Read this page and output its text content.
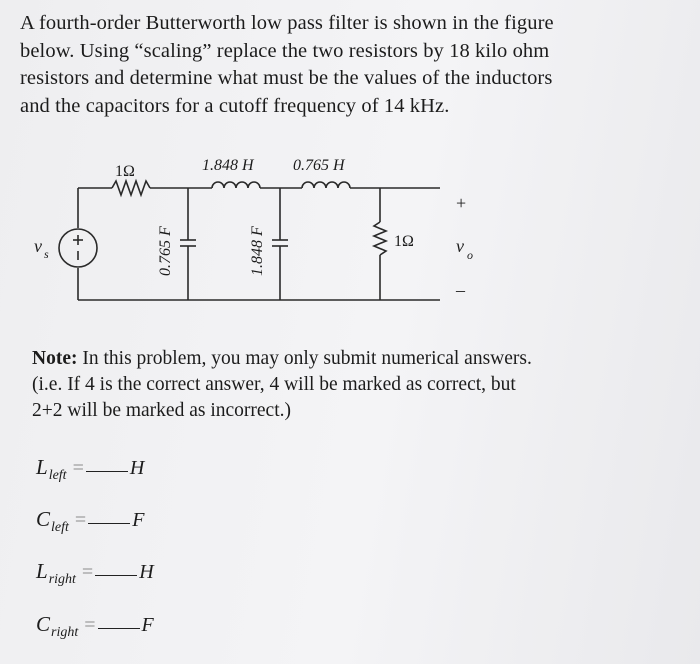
A fourth-order Butterworth low pass filter is shown in the figure
below. Using “scaling” replace the two resistors by 18 kilo ohm
resistors and determine what must be the values of the inductors
and the capacitors for a cutoff frequency of 14 kHz.
1Ω	1.848 H 0.765 H
0.765 F	1.848 F	1Ω
v s
+
v o
–
Note: In this problem, you may only submit numerical answers.
(i.e. If 4 is the correct answer, 4 will be marked as correct, but
2+2 will be marked as incorrect.)
L left = H
C left = F
L right = H
C right = F
